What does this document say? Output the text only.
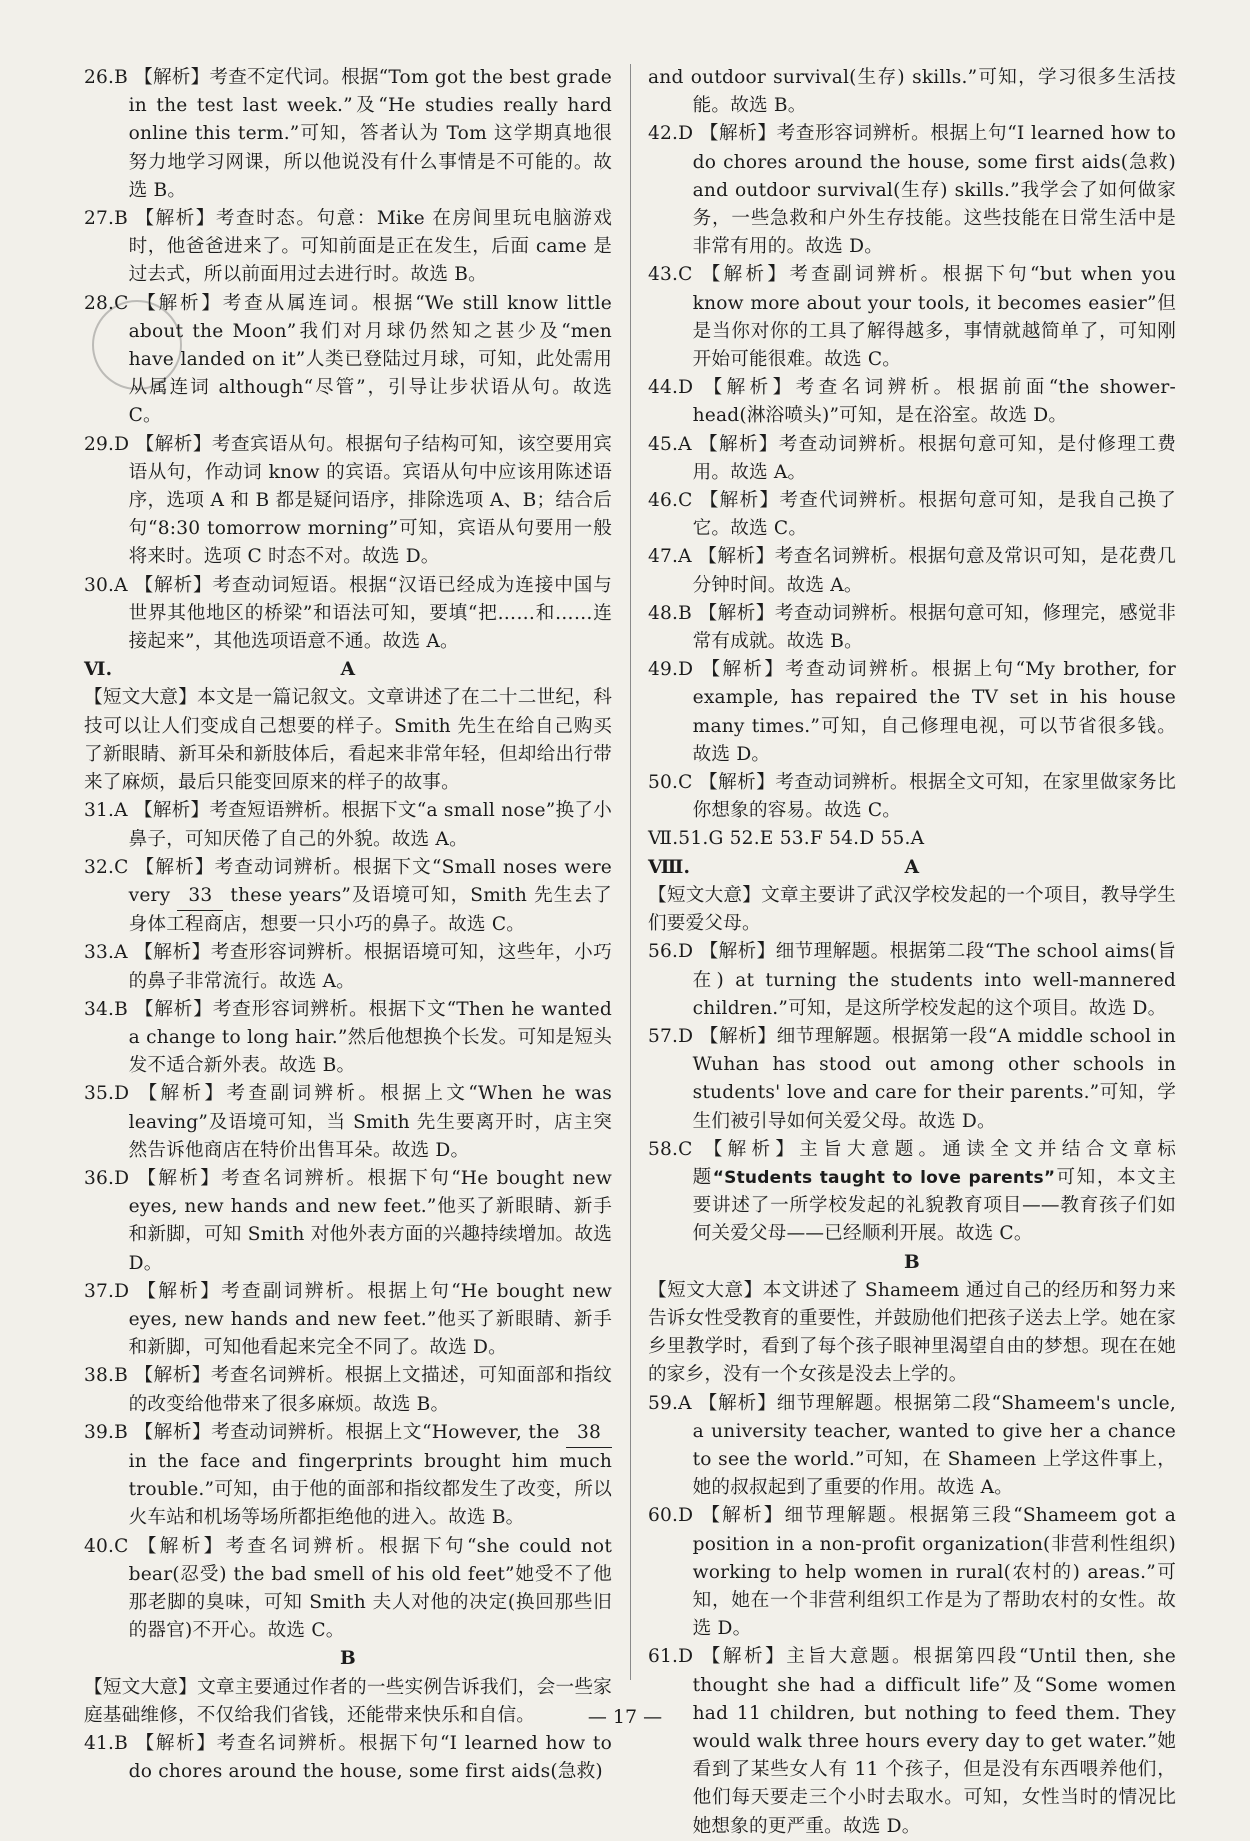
26.B 【解析】考查不定代词。根据“Tom got the best grade in the test last week.”及“He studies really hard online this term.”可知，答者认为 Tom 这学期真地很努力地学习网课，所以他说没有什么事情是不可能的。故选 B。
27.B 【解析】考查时态。句意：Mike 在房间里玩电脑游戏时，他爸爸进来了。可知前面是正在发生，后面 came 是过去式，所以前面用过去进行时。故选 B。
28.C 【解析】考查从属连词。根据“We still know little about the Moon”我们对月球仍然知之甚少及“men have landed on it”人类已登陆过月球，可知，此处需用从属连词 although“尽管”，引导让步状语从句。故选 C。
29.D 【解析】考查宾语从句。根据句子结构可知，该空要用宾语从句，作动词 know 的宾语。宾语从句中应该用陈述语序，选项 A 和 B 都是疑问语序，排除选项 A、B；结合后句“8:30 tomorrow morning”可知，宾语从句要用一般将来时。选项 C 时态不对。故选 D。
30.A 【解析】考查动词短语。根据“汉语已经成为连接中国与世界其他地区的桥梁”和语法可知，要填“把……和……连接起来”，其他选项语意不通。故选 A。
Ⅵ.	A
【短文大意】本文是一篇记叙文。文章讲述了在二十二世纪，科技可以让人们变成自己想要的样子。Smith 先生在给自己购买了新眼睛、新耳朵和新肢体后，看起来非常年轻，但却给出行带来了麻烦，最后只能变回原来的样子的故事。
31.A 【解析】考查短语辨析。根据下文“a small nose”换了小鼻子，可知厌倦了自己的外貌。故选 A。
32.C 【解析】考查动词辨析。根据下文“Small noses were very 33 these years”及语境可知，Smith 先生去了身体工程商店，想要一只小巧的鼻子。故选 C。
33.A 【解析】考查形容词辨析。根据语境可知，这些年，小巧的鼻子非常流行。故选 A。
34.B 【解析】考查形容词辨析。根据下文“Then he wanted a change to long hair.”然后他想换个长发。可知是短头发不适合新外表。故选 B。
35.D 【解析】考查副词辨析。根据上文“When he was leaving”及语境可知，当 Smith 先生要离开时，店主突然告诉他商店在特价出售耳朵。故选 D。
36.D 【解析】考查名词辨析。根据下句“He bought new eyes, new hands and new feet.”他买了新眼睛、新手和新脚，可知 Smith 对他外表方面的兴趣持续增加。故选 D。
37.D 【解析】考查副词辨析。根据上句“He bought new eyes, new hands and new feet.”他买了新眼睛、新手和新脚，可知他看起来完全不同了。故选 D。
38.B 【解析】考查名词辨析。根据上文描述，可知面部和指纹的改变给他带来了很多麻烦。故选 B。
39.B 【解析】考查动词辨析。根据上文“However, the 38 in the face and fingerprints brought him much trouble.”可知，由于他的面部和指纹都发生了改变，所以火车站和机场等场所都拒绝他的进入。故选 B。
40.C 【解析】考查名词辨析。根据下句“she could not bear(忍受) the bad smell of his old feet”她受不了他那老脚的臭味，可知 Smith 夫人对他的决定(换回那些旧的器官)不开心。故选 C。
B
【短文大意】文章主要通过作者的一些实例告诉我们，会一些家庭基础维修，不仅给我们省钱，还能带来快乐和自信。
41.B 【解析】考查名词辨析。根据下句“I learned how to do chores around the house, some first aids(急救)
and outdoor survival(生存) skills.”可知，学习很多生活技能。故选 B。
42.D 【解析】考查形容词辨析。根据上句“I learned how to do chores around the house, some first aids(急救) and outdoor survival(生存) skills.”我学会了如何做家务，一些急救和户外生存技能。这些技能在日常生活中是非常有用的。故选 D。
43.C 【解析】考查副词辨析。根据下句“but when you know more about your tools, it becomes easier”但是当你对你的工具了解得越多，事情就越简单了，可知刚开始可能很难。故选 C。
44.D 【解析】考查名词辨析。根据前面“the shower-head(淋浴喷头)”可知，是在浴室。故选 D。
45.A 【解析】考查动词辨析。根据句意可知，是付修理工费用。故选 A。
46.C 【解析】考查代词辨析。根据句意可知，是我自己换了它。故选 C。
47.A 【解析】考查名词辨析。根据句意及常识可知，是花费几分钟时间。故选 A。
48.B 【解析】考查动词辨析。根据句意可知，修理完，感觉非常有成就。故选 B。
49.D 【解析】考查动词辨析。根据上句“My brother, for example, has repaired the TV set in his house many times.”可知，自己修理电视，可以节省很多钱。故选 D。
50.C 【解析】考查动词辨析。根据全文可知，在家里做家务比你想象的容易。故选 C。
Ⅶ.51.G 52.E 53.F 54.D 55.A
Ⅷ.	A
【短文大意】文章主要讲了武汉学校发起的一个项目，教导学生们要爱父母。
56.D 【解析】细节理解题。根据第二段“The school aims(旨在) at turning the students into well-mannered children.”可知，是这所学校发起的这个项目。故选 D。
57.D 【解析】细节理解题。根据第一段“A middle school in Wuhan has stood out among other schools in students' love and care for their parents.”可知，学生们被引导如何关爱父母。故选 D。
58.C 【解析】主旨大意题。通读全文并结合文章标题“Students taught to love parents”可知，本文主要讲述了一所学校发起的礼貌教育项目——教育孩子们如何关爱父母——已经顺利开展。故选 C。
B
【短文大意】本文讲述了 Shameem 通过自己的经历和努力来告诉女性受教育的重要性，并鼓励他们把孩子送去上学。她在家乡里教学时，看到了每个孩子眼神里渴望自由的梦想。现在在她的家乡，没有一个女孩是没去上学的。
59.A 【解析】细节理解题。根据第二段“Shameem's uncle, a university teacher, wanted to give her a chance to see the world.”可知，在 Shameen 上学这件事上，她的叔叔起到了重要的作用。故选 A。
60.D 【解析】细节理解题。根据第三段“Shameem got a position in a non-profit organization(非营利性组织) working to help women in rural(农村的) areas.”可知，她在一个非营利组织工作是为了帮助农村的女性。故选 D。
61.D 【解析】主旨大意题。根据第四段“Until then, she thought she had a difficult life”及“Some women had 11 children, but nothing to feed them. They would walk three hours every day to get water.”她看到了某些女人有 11 个孩子，但是没有东西喂养他们，他们每天要走三个小时去取水。可知，女性当时的情况比她想象的更严重。故选 D。
— 17 —
